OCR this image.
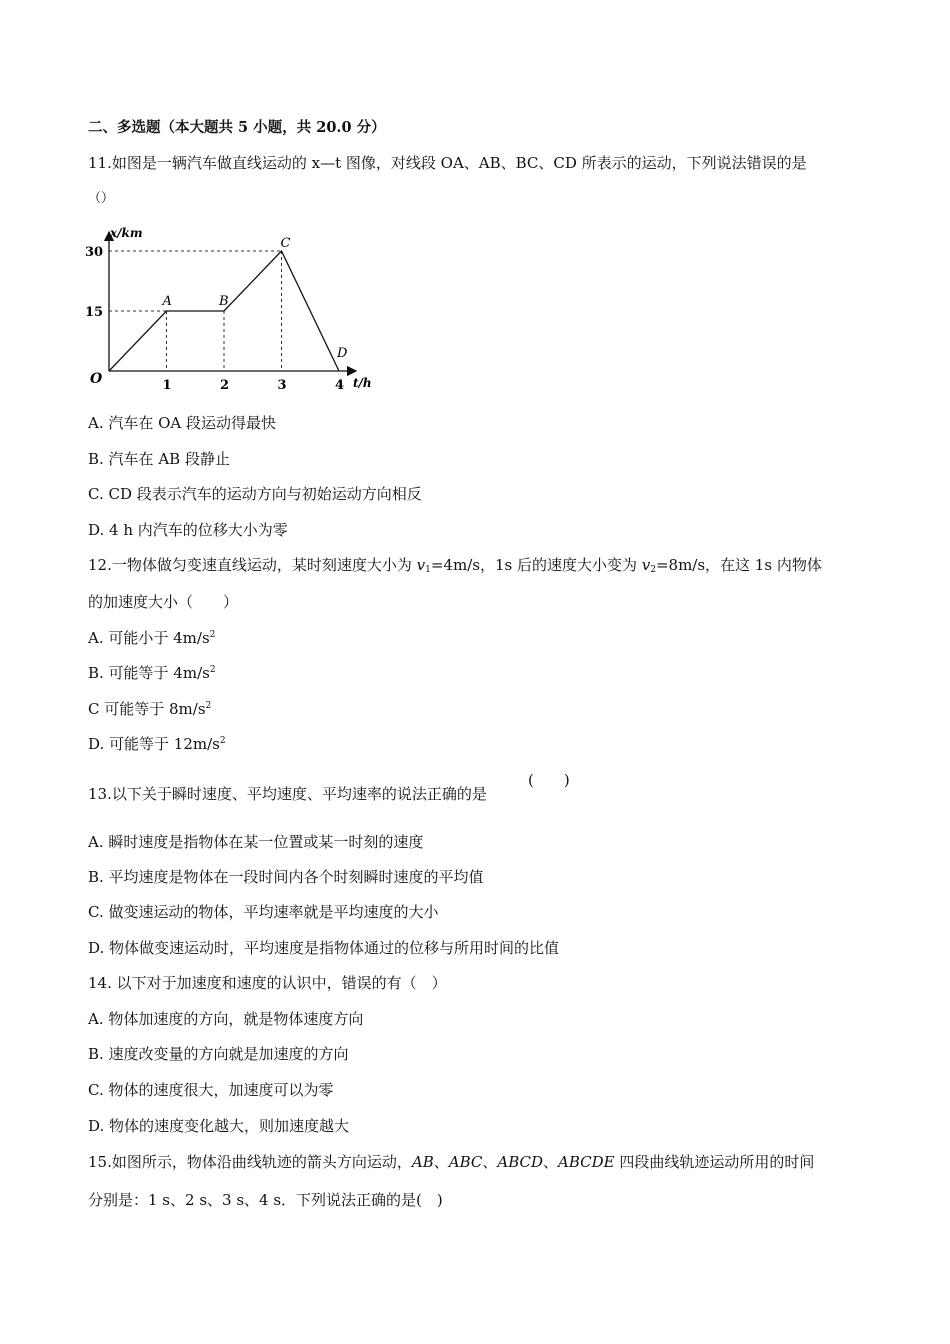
二、多选题（本大题共 5 小题，共 20.0 分）
11.如图是一辆汽车做直线运动的 x—t 图像，对线段 OA、AB、BC、CD 所表示的运动，下列说法错误的是
（）
x/km
O	t/h
1	2	3	4
15
30
A	B
C
D
A. 汽车在 OA 段运动得最快
B. 汽车在 AB 段静止
C. CD 段表示汽车的运动方向与初始运动方向相反
D. 4 h 内汽车的位移大小为零
12.一物体做匀变速直线运动，某时刻速度大小为 $v_1=4m/s$，1s 后的速度大小变为 $v_2=8m/s$，在这 1s 内物体
的加速度大小（　　）
A. 可能小于 $4m/s^2$
B. 可能等于 $4m/s^2$
C 可能等于 $8m/s^2$
D. 可能等于 $12m/s^2$
13.以下关于瞬时速度、平均速度、平均速率的说法正确的是
(　　)
A. 瞬时速度是指物体在某一位置或某一时刻的速度
B. 平均速度是物体在一段时间内各个时刻瞬时速度的平均值
C. 做变速运动的物体，平均速率就是平均速度的大小
D. 物体做变速运动时，平均速度是指物体通过的位移与所用时间的比值
14. 以下对于加速度和速度的认识中，错误的有（　）
A. 物体加速度的方向，就是物体速度方向
B. 速度改变量的方向就是加速度的方向
C. 物体的速度很大，加速度可以为零
D. 物体的速度变化越大，则加速度越大
15.如图所示，物体沿曲线轨迹的箭头方向运动，AB、ABC、ABCD、ABCDE 四段曲线轨迹运动所用的时间
分别是：1 s、2 s、3 s、4 s．下列说法正确的是(　)
